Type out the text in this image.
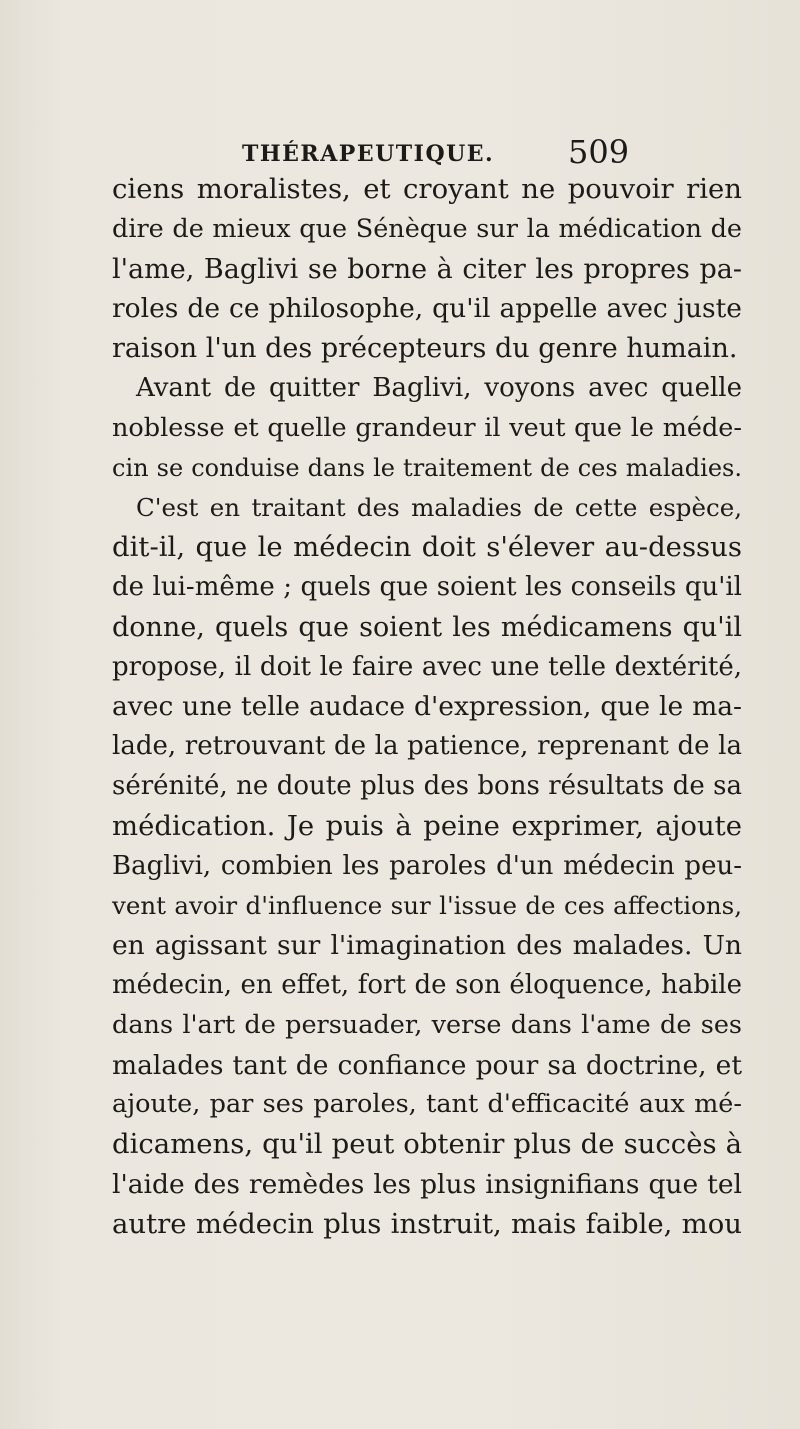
THÉRAPEUTIQUE. 509
ciens moralistes, et croyant ne pouvoir rien
dire de mieux que Sénèque sur la médication de
l'ame, Baglivi se borne à citer les propres pa-
roles de ce philosophe, qu'il appelle avec juste
raison l'un des précepteurs du genre humain.
Avant de quitter Baglivi, voyons avec quelle
noblesse et quelle grandeur il veut que le méde-
cin se conduise dans le traitement de ces maladies.
C'est en traitant des maladies de cette espèce,
dit-il, que le médecin doit s'élever au-dessus
de lui-même ; quels que soient les conseils qu'il
donne, quels que soient les médicamens qu'il
propose, il doit le faire avec une telle dextérité,
avec une telle audace d'expression, que le ma-
lade, retrouvant de la patience, reprenant de la
sérénité, ne doute plus des bons résultats de sa
médication. Je puis à peine exprimer, ajoute
Baglivi, combien les paroles d'un médecin peu-
vent avoir d'influence sur l'issue de ces affections,
en agissant sur l'imagination des malades. Un
médecin, en effet, fort de son éloquence, habile
dans l'art de persuader, verse dans l'ame de ses
malades tant de confiance pour sa doctrine, et
ajoute, par ses paroles, tant d'efficacité aux mé-
dicamens, qu'il peut obtenir plus de succès à
l'aide des remèdes les plus insignifians que tel
autre médecin plus instruit, mais faible, mou
